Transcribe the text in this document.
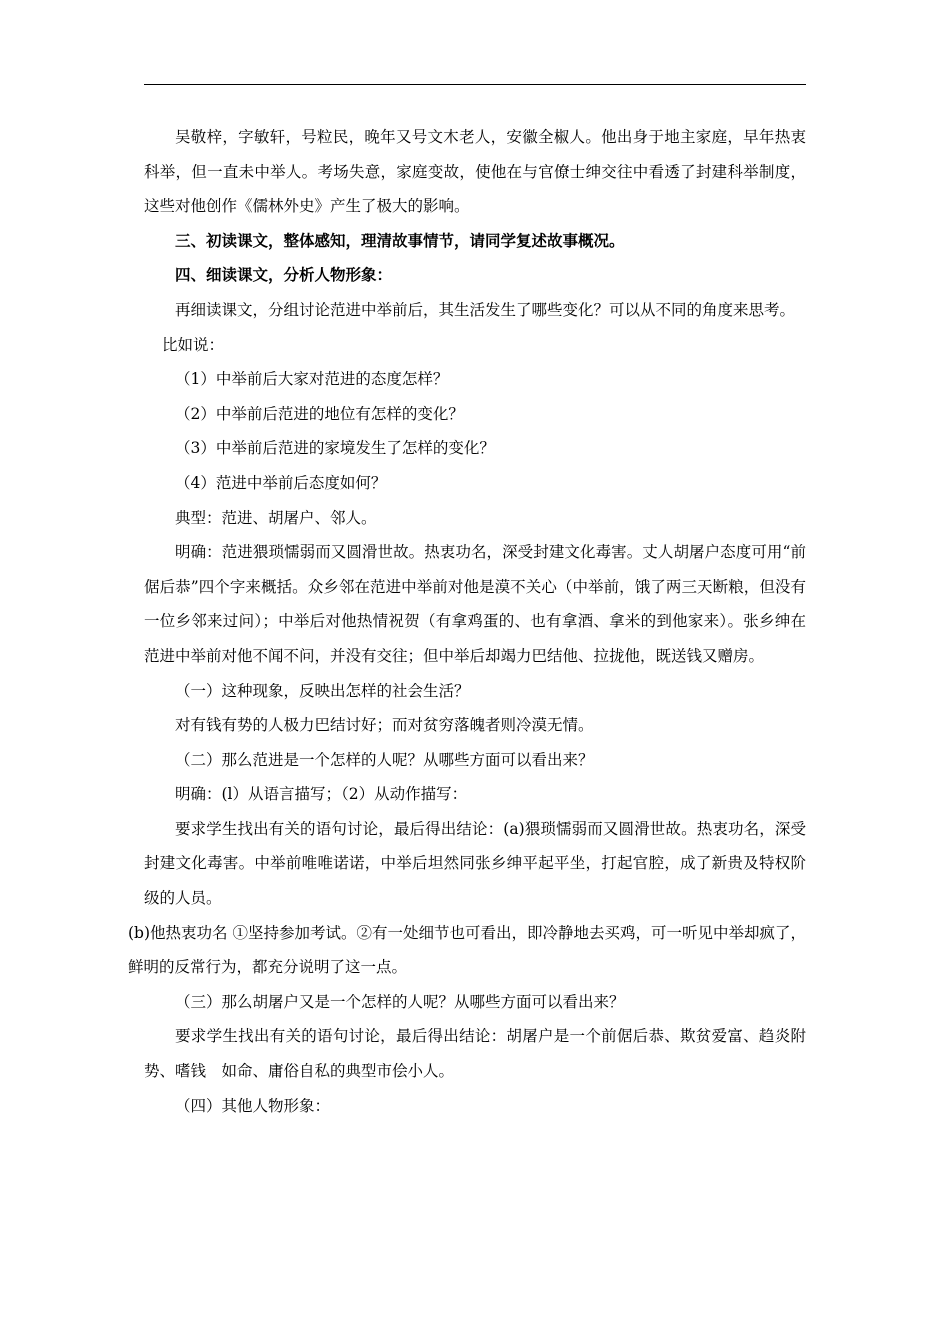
吴敬梓，字敏轩，号粒民，晚年又号文木老人，安徽全椒人。他出身于地主家庭，早年热衷科举，但一直未中举人。考场失意，家庭变故，使他在与官僚士绅交往中看透了封建科举制度，这些对他创作《儒林外史》产生了极大的影响。

三、初读课文，整体感知，理清故事情节，请同学复述故事概况。

四、细读课文，分析人物形象：

再细读课文，分组讨论范进中举前后，其生活发生了哪些变化？可以从不同的角度来思考。

比如说：

（1）中举前后大家对范进的态度怎样？

（2）中举前后范进的地位有怎样的变化？

（3）中举前后范进的家境发生了怎样的变化？

（4）范进中举前后态度如何？

典型：范进、胡屠户、邻人。

明确：范进猥琐懦弱而又圆滑世故。热衷功名，深受封建文化毒害。丈人胡屠户态度可用“前倨后恭”四个字来概括。众乡邻在范进中举前对他是漠不关心（中举前，饿了两三天断粮，但没有一位乡邻来过问）；中举后对他热情祝贺（有拿鸡蛋的、也有拿酒、拿米的到他家来）。张乡绅在范进中举前对他不闻不问，并没有交往；但中举后却竭力巴结他、拉拢他，既送钱又赠房。

（一）这种现象，反映出怎样的社会生活？

对有钱有势的人极力巴结讨好；而对贫穷落魄者则冷漠无情。

（二）那么范进是一个怎样的人呢？从哪些方面可以看出来？

明确：(l）从语言描写；（2）从动作描写：

要求学生找出有关的语句讨论，最后得出结论：(a)猥琐懦弱而又圆滑世故。热衷功名，深受封建文化毒害。中举前唯唯诺诺，中举后坦然同张乡绅平起平坐，打起官腔，成了新贵及特权阶级的人员。

(b)他热衷功名 ①坚持参加考试。②有一处细节也可看出，即冷静地去买鸡，可一听见中举却疯了，鲜明的反常行为，都充分说明了这一点。

（三）那么胡屠户又是一个怎样的人呢？从哪些方面可以看出来？

要求学生找出有关的语句讨论，最后得出结论：胡屠户是一个前倨后恭、欺贫爱富、趋炎附势、嗜钱　如命、庸俗自私的典型市侩小人。

（四）其他人物形象：
